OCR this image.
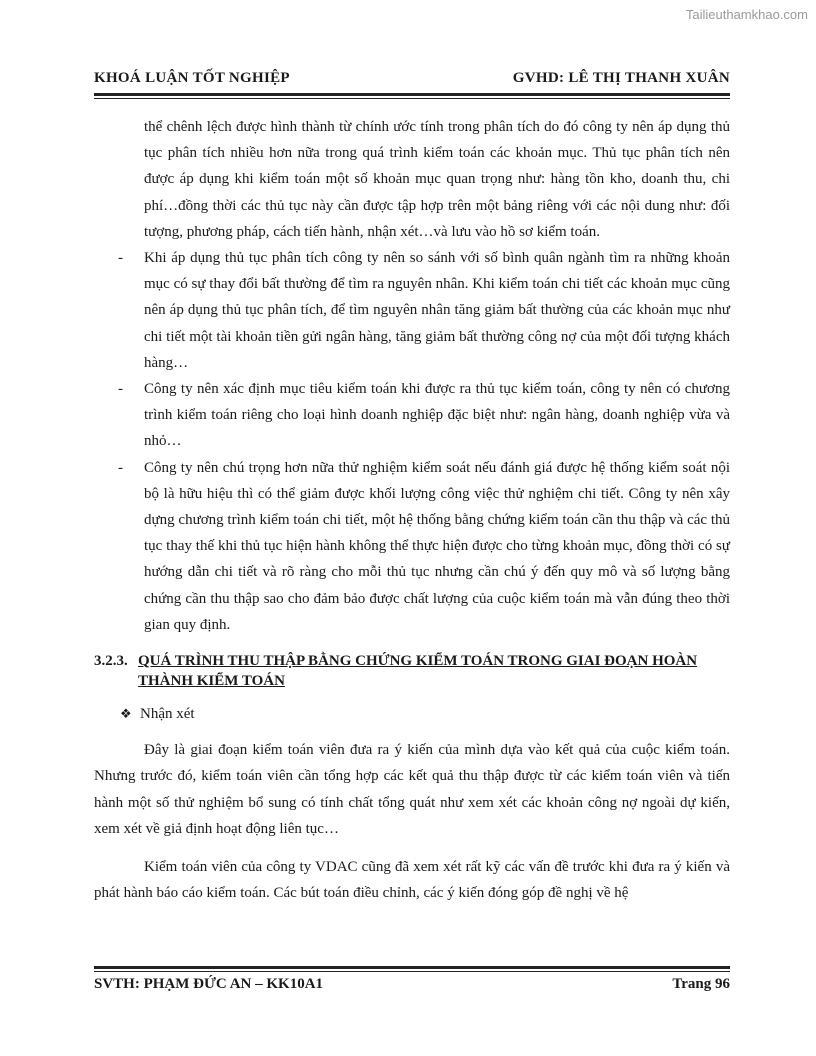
Tailieuthamkhao.com
KHOÁ LUẬN TỐT NGHIỆP	GVHD: LÊ THỊ THANH XUÂN

thể chênh lệch được hình thành từ chính ước tính trong phân tích do đó công ty nên áp dụng thủ tục phân tích nhiều hơn nữa trong quá trình kiểm toán các khoản mục. Thủ tục phân tích nên được áp dụng khi kiểm toán một số khoản mục quan trọng như: hàng tồn kho, doanh thu, chi phí…đồng thời các thủ tục này cần được tập hợp trên một bảng riêng với các nội dung như: đối tượng, phương pháp, cách tiến hành, nhận xét…và lưu vào hồ sơ kiểm toán.

- Khi áp dụng thủ tục phân tích công ty nên so sánh với số bình quân ngành tìm ra những khoản mục có sự thay đổi bất thường để tìm ra nguyên nhân. Khi kiểm toán chi tiết các khoản mục cũng nên áp dụng thủ tục phân tích, để tìm nguyên nhân tăng giảm bất thường của các khoản mục như chi tiết một tài khoản tiền gửi ngân hàng, tăng giảm bất thường công nợ của một đối tượng khách hàng…

- Công ty nên xác định mục tiêu kiểm toán khi được ra thủ tục kiểm toán, công ty nên có chương trình kiểm toán riêng cho loại hình doanh nghiệp đặc biệt như: ngân hàng, doanh nghiệp vừa và nhỏ…

- Công ty nên chú trọng hơn nữa thử nghiệm kiểm soát nếu đánh giá được hệ thống kiểm soát nội bộ là hữu hiệu thì có thể giảm được khối lượng công việc thử nghiệm chi tiết. Công ty nên xây dựng chương trình kiểm toán chi tiết, một hệ thống bằng chứng kiểm toán cần thu thập và các thủ tục thay thế khi thủ tục hiện hành không thể thực hiện được cho từng khoản mục, đồng thời có sự hướng dẫn chi tiết và rõ ràng cho mỗi thủ tục nhưng cần chú ý đến quy mô và số lượng bằng chứng cần thu thập sao cho đảm bảo được chất lượng của cuộc kiểm toán mà vẫn đúng theo thời gian quy định.

3.2.3. QUÁ TRÌNH THU THẬP BẰNG CHỨNG KIỂM TOÁN TRONG GIAI ĐOẠN HOÀN THÀNH KIỂM TOÁN
❖ Nhận xét

Đây là giai đoạn kiểm toán viên đưa ra ý kiến của mình dựa vào kết quả của cuộc kiểm toán. Nhưng trước đó, kiểm toán viên cần tổng hợp các kết quả thu thập được từ các kiểm toán viên và tiến hành một số thử nghiệm bổ sung có tính chất tổng quát như xem xét các khoản công nợ ngoài dự kiến, xem xét về giả định hoạt động liên tục…

Kiểm toán viên của công ty VDAC cũng đã xem xét rất kỹ các vấn đề trước khi đưa ra ý kiến và phát hành báo cáo kiểm toán. Các bút toán điều chỉnh, các ý kiến đóng góp đề nghị về hệ

SVTH: PHẠM ĐỨC AN – KK10A1	Trang 96
